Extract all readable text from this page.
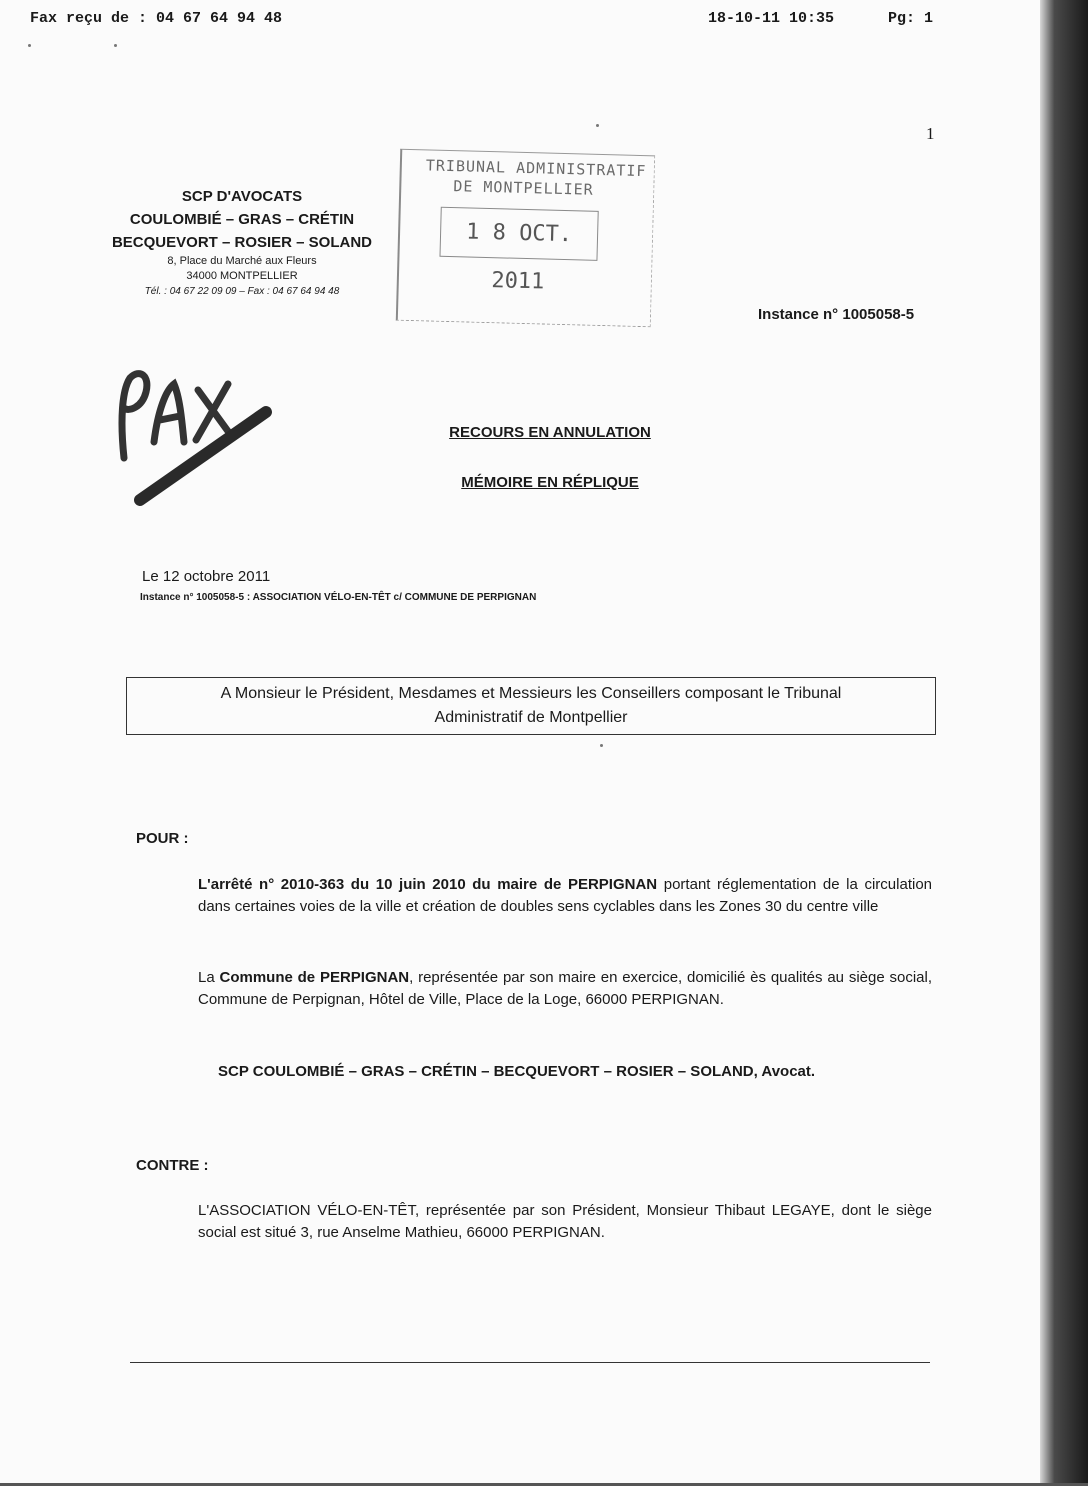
Fax reçu de : 04 67 64 94 48	18-10-11 10:35	Pg: 1
1
SCP D'AVOCATS
COULOMBIÉ – GRAS – CRÉTIN
BECQUEVORT – ROSIER – SOLAND
8, Place du Marché aux Fleurs
34000 MONTPELLIER
Tél. : 04 67 22 09 09 – Fax : 04 67 64 94 48
TRIBUNAL ADMINISTRATIF
DE MONTPELLIER
1 8 OCT. 2011
Instance n° 1005058-5
RECOURS EN ANNULATION
MÉMOIRE EN RÉPLIQUE
Le 12 octobre 2011
Instance n° 1005058-5 : ASSOCIATION VÉLO-EN-TÊT c/ COMMUNE DE PERPIGNAN
A Monsieur le Président, Mesdames et Messieurs les Conseillers composant le Tribunal
Administratif de Montpellier
POUR :
L'arrêté n° 2010-363 du 10 juin 2010 du maire de PERPIGNAN portant réglementation de la circulation dans certaines voies de la ville et création de doubles sens cyclables dans les Zones 30 du centre ville
La Commune de PERPIGNAN, représentée par son maire en exercice, domicilié ès qualités au siège social, Commune de Perpignan, Hôtel de Ville, Place de la Loge, 66000 PERPIGNAN.
SCP COULOMBIÉ – GRAS – CRÉTIN – BECQUEVORT – ROSIER – SOLAND, Avocat.
CONTRE :
L'ASSOCIATION VÉLO-EN-TÊT, représentée par son Président, Monsieur Thibaut LEGAYE, dont le siège social est situé 3, rue Anselme Mathieu, 66000 PERPIGNAN.
